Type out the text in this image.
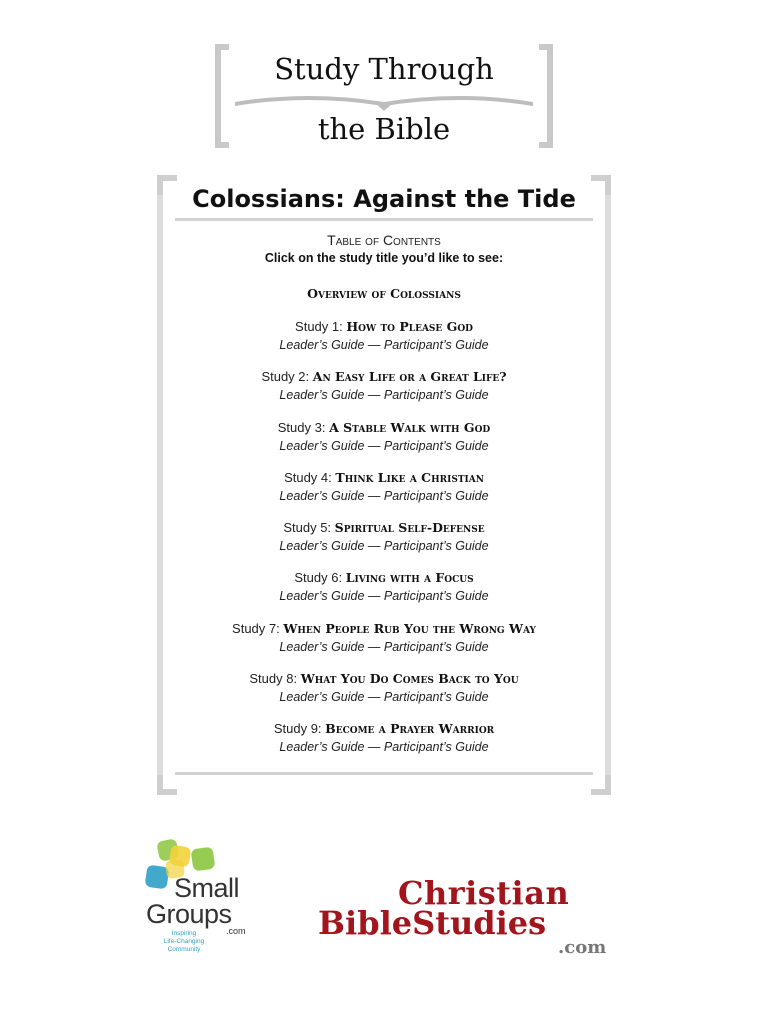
Study Through
the Bible
Colossians: Against the Tide
Table of Contents
Click on the study title you’d like to see:
Overview of Colossians
Study 1: How to Please God
Leader’s Guide — Participant’s Guide
Study 2: An Easy Life or a Great Life?
Leader’s Guide — Participant’s Guide
Study 3: A Stable Walk with God
Leader’s Guide — Participant’s Guide
Study 4: Think Like a Christian
Leader’s Guide — Participant’s Guide
Study 5: Spiritual Self-Defense
Leader’s Guide — Participant’s Guide
Study 6: Living with a Focus
Leader’s Guide — Participant’s Guide
Study 7: When People Rub You the Wrong Way
Leader’s Guide — Participant’s Guide
Study 8: What You Do Comes Back to You
Leader’s Guide — Participant’s Guide
Study 9: Become a Prayer Warrior
Leader’s Guide — Participant’s Guide
Small
Groups
.com
Inspiring
Life-Changing
Community
Christian
BibleStudies
.com
